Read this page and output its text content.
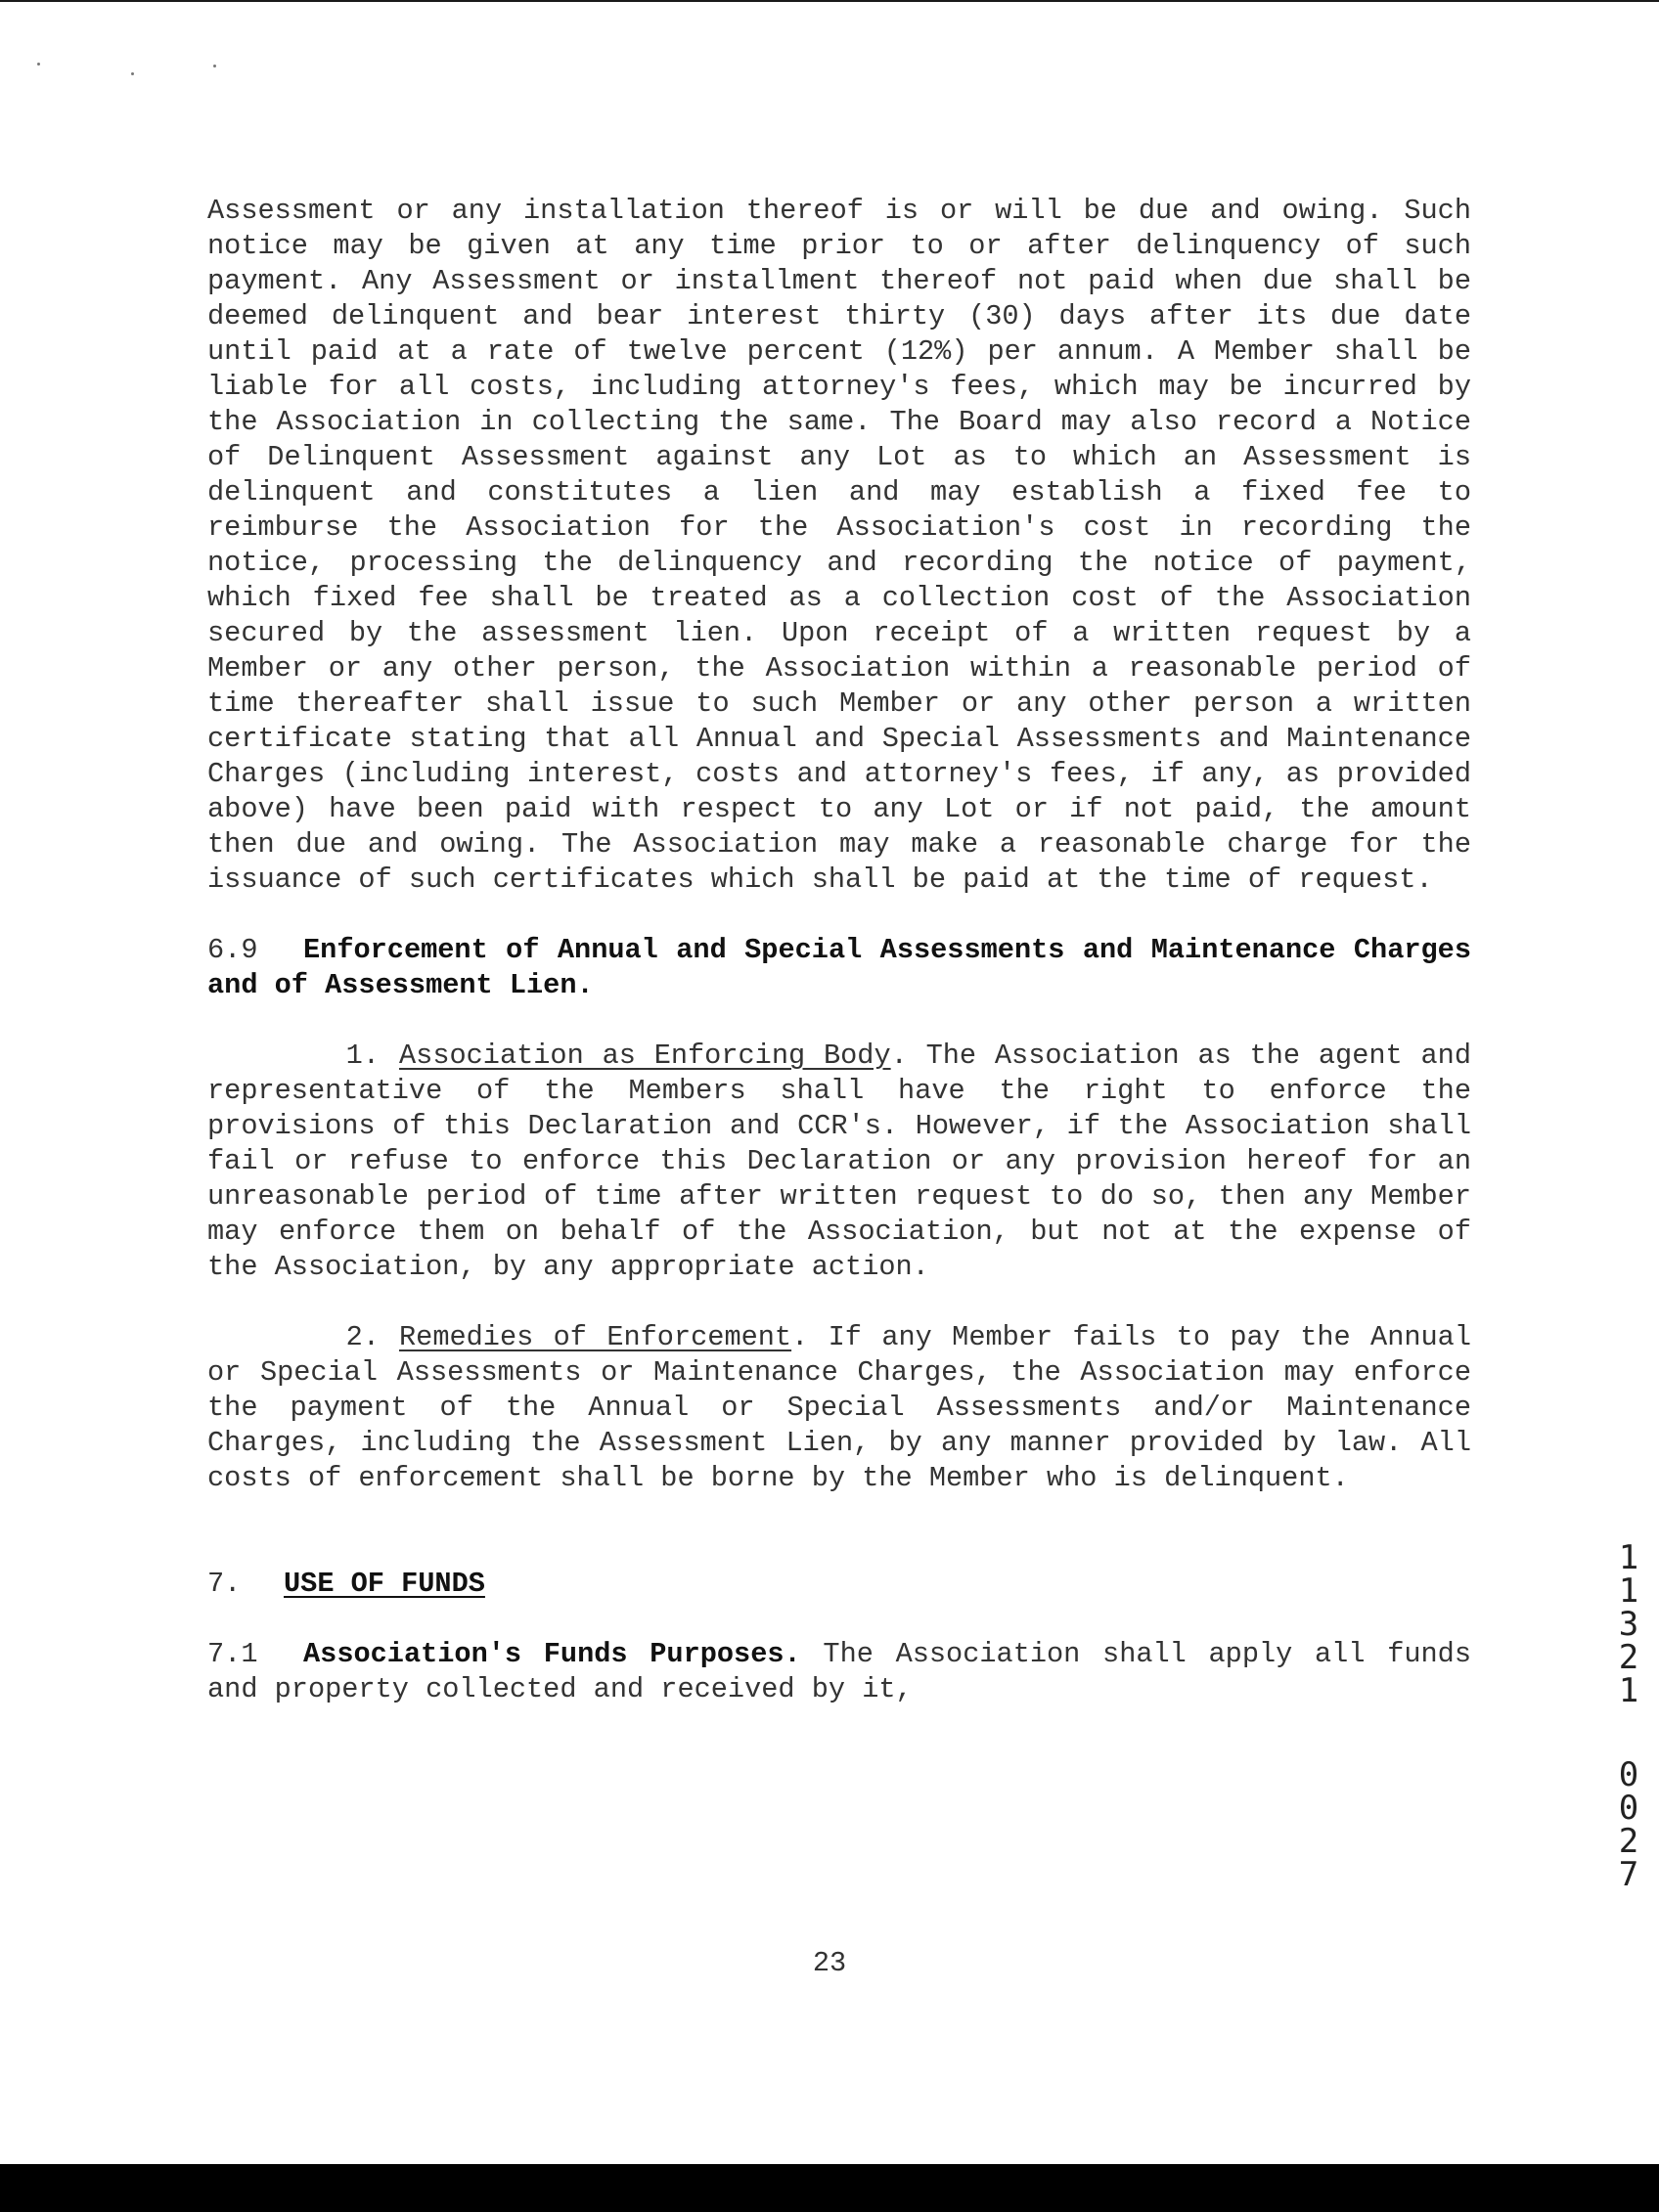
Assessment or any installation thereof is or will be due and owing. Such notice may be given at any time prior to or after delinquency of such payment. Any Assessment or installment thereof not paid when due shall be deemed delinquent and bear interest thirty (30) days after its due date until paid at a rate of twelve percent (12%) per annum. A Member shall be liable for all costs, including attorney's fees, which may be incurred by the Association in collecting the same. The Board may also record a Notice of Delinquent Assessment against any Lot as to which an Assessment is delinquent and constitutes a lien and may establish a fixed fee to reimburse the Association for the Association's cost in recording the notice, processing the delinquency and recording the notice of payment, which fixed fee shall be treated as a collection cost of the Association secured by the assessment lien. Upon receipt of a written request by a Member or any other person, the Association within a reasonable period of time thereafter shall issue to such Member or any other person a written certificate stating that all Annual and Special Assessments and Maintenance Charges (including interest, costs and attorney's fees, if any, as provided above) have been paid with respect to any Lot or if not paid, the amount then due and owing. The Association may make a reasonable charge for the issuance of such certificates which shall be paid at the time of request.

6.9 Enforcement of Annual and Special Assessments and Maintenance Charges and of Assessment Lien.

1. Association as Enforcing Body. The Association as the agent and representative of the Members shall have the right to enforce the provisions of this Declaration and CCR's. However, if the Association shall fail or refuse to enforce this Declaration or any provision hereof for an unreasonable period of time after written request to do so, then any Member may enforce them on behalf of the Association, but not at the expense of the Association, by any appropriate action.

2. Remedies of Enforcement. If any Member fails to pay the Annual or Special Assessments or Maintenance Charges, the Association may enforce the payment of the Annual or Special Assessments and/or Maintenance Charges, including the Assessment Lien, by any manner provided by law. All costs of enforcement shall be borne by the Member who is delinquent.

7. USE OF FUNDS

7.1 Association's Funds Purposes. The Association shall apply all funds and property collected and received by it,

23
1
1
3
2
1
0
0
2
7
